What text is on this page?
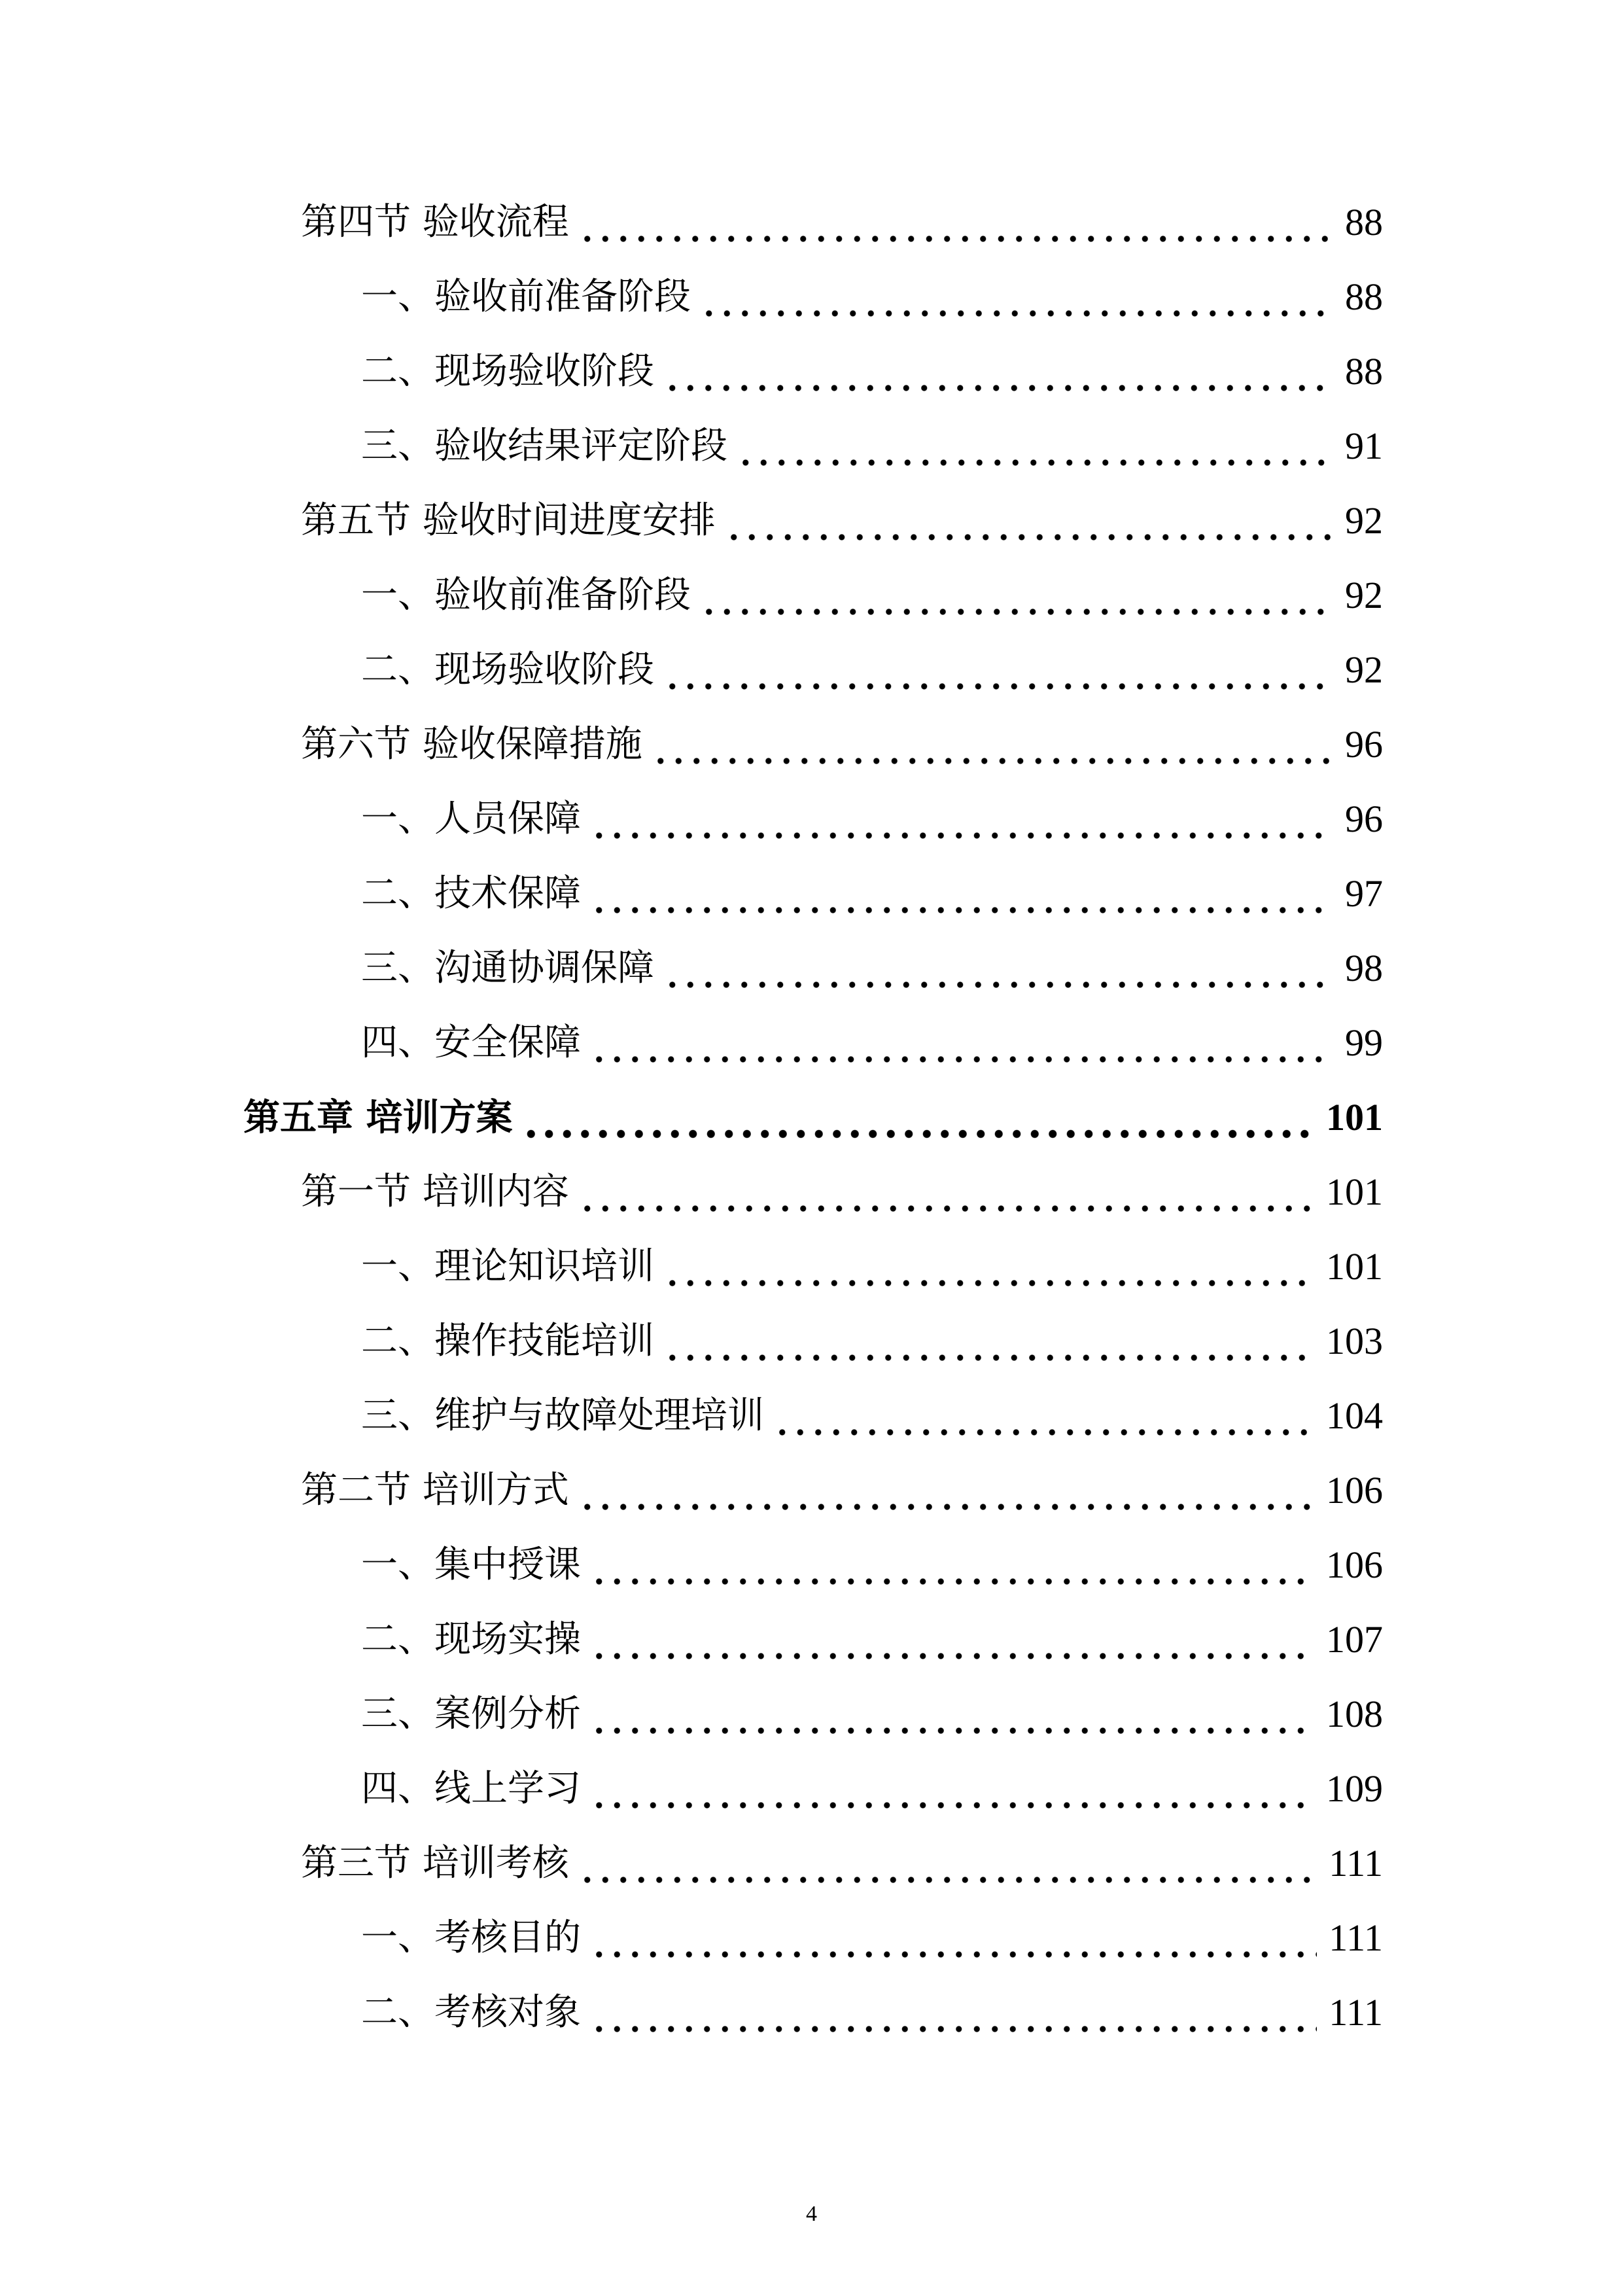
第四节 验收流程	88
一、验收前准备阶段	88
二、现场验收阶段	88
三、验收结果评定阶段	91
第五节 验收时间进度安排	92
一、验收前准备阶段	92
二、现场验收阶段	92
第六节 验收保障措施	96
一、人员保障	96
二、技术保障	97
三、沟通协调保障	98
四、安全保障	99
第五章 培训方案	101
第一节 培训内容	101
一、理论知识培训	101
二、操作技能培训	103
三、维护与故障处理培训	104
第二节 培训方式	106
一、集中授课	106
二、现场实操	107
三、案例分析	108
四、线上学习	109
第三节 培训考核	111
一、考核目的	111
二、考核对象	111
4
